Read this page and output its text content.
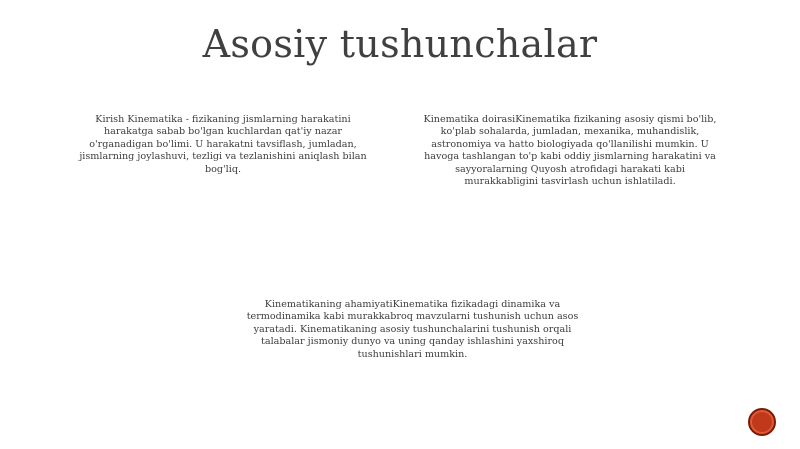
Asosiy tushunchalar
Kirish Kinematika - fizikaning jismlarning harakatini harakatga sabab bo'lgan kuchlardan qat'iy nazar o'rganadigan bo'limi. U harakatni tavsiflash, jumladan, jismlarning joylashuvi, tezligi va tezlanishini aniqlash bilan bog'liq.
Kinematika doirasiKinematika fizikaning asosiy qismi bo'lib, ko'plab sohalarda, jumladan, mexanika, muhandislik, astronomiya va hatto biologiyada qo'llanilishi mumkin. U havoga tashlangan to'p kabi oddiy jismlarning harakatini va sayyoralarning Quyosh atrofidagi harakati kabi murakkabligini tasvirlash uchun ishlatiladi.
Kinematikaning ahamiyatiKinematika fizikadagi dinamika va termodinamika kabi murakkabroq mavzularni tushunish uchun asos yaratadi. Kinematikaning asosiy tushunchalarini tushunish orqali talabalar jismoniy dunyo va uning qanday ishlashini yaxshiroq tushunishlari mumkin.
